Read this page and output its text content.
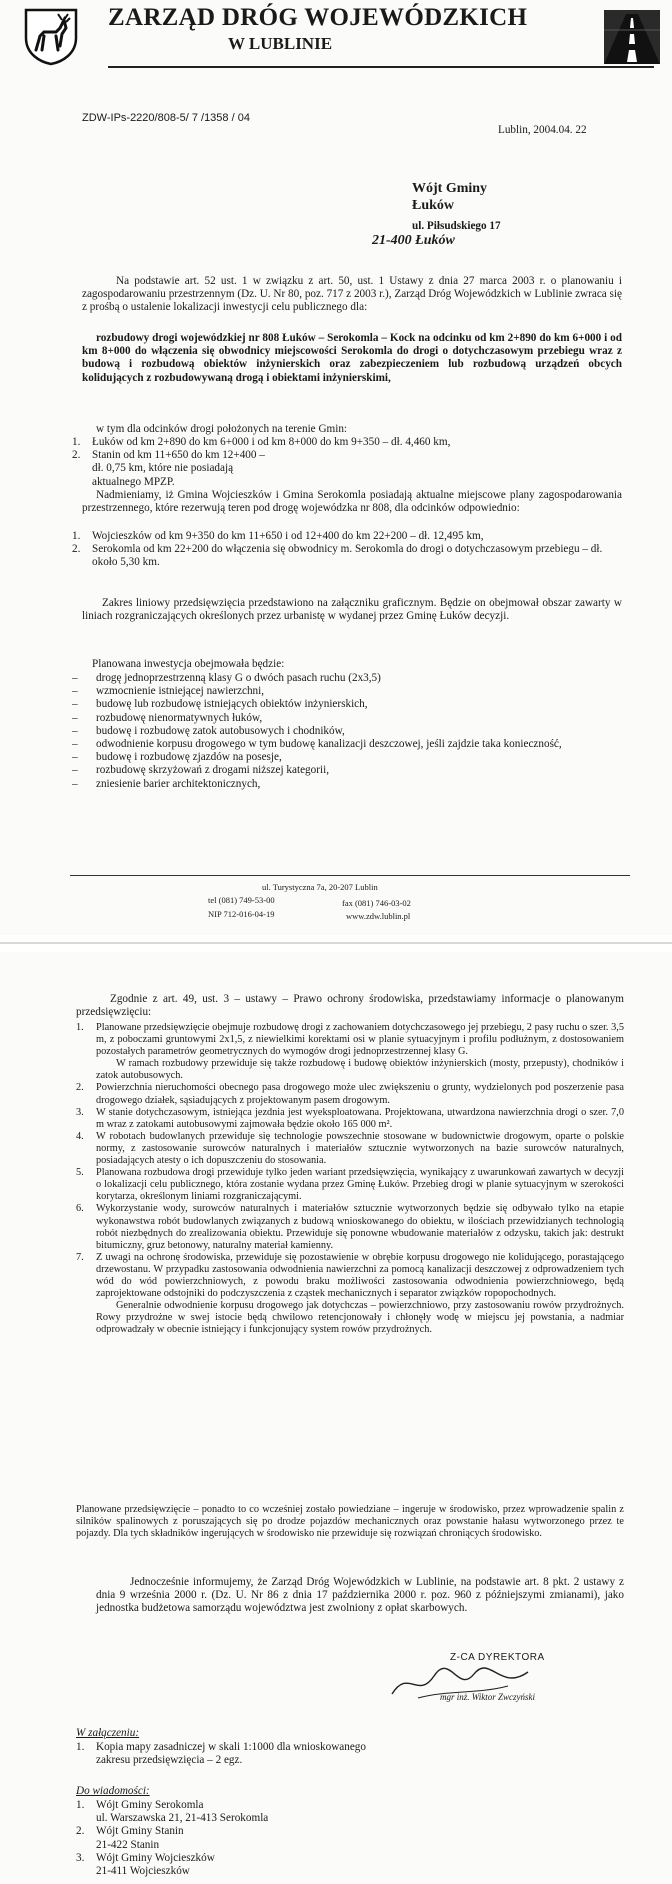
ZARZĄD DRÓG WOJEWÓDZKICH
W LUBLINIE
ZDW-IPs-2220/808-5/ 7 /1358 / 04
Lublin, 2004.04. 22
Wójt Gminy
Łuków
ul. Piłsudskiego 17
21-400 Łuków
Na podstawie art. 52 ust. 1 w związku z art. 50, ust. 1 Ustawy z dnia 27 marca 2003 r. o planowaniu i zagospodarowaniu przestrzennym (Dz. U. Nr 80, poz. 717 z 2003 r.), Zarząd Dróg Wojewódzkich w Lublinie zwraca się z prośbą o ustalenie lokalizacji inwestycji celu publicznego dla:
rozbudowy drogi wojewódzkiej nr 808 Łuków – Serokomla – Kock na odcinku od km 2+890 do km 6+000 i od km 8+000 do włączenia się obwodnicy miejscowości Serokomla do drogi o dotychczasowym przebiegu wraz z budową i rozbudową obiektów inżynierskich oraz zabezpieczeniem lub rozbudową urządzeń obcych kolidujących z rozbudowywaną drogą i obiektami inżynierskimi,
w tym dla odcinków drogi położonych na terenie Gmin:
1. Łuków od km 2+890 do km 6+000 i od km 8+000 do km 9+350 – dł. 4,460 km,
2. Stanin od km 11+650 do km 12+400 – dł. 0,75 km, które nie posiadają aktualnego MPZP.
Nadmieniamy, iż Gmina Wojcieszków i Gmina Serokomla posiadają aktualne miejscowe plany zagospodarowania przestrzennego, które rezerwują teren pod drogę wojewódzka nr 808, dla odcinków odpowiednio:
1. Wojcieszków od km 9+350 do km 11+650 i od 12+400 do km 22+200 – dł. 12,495 km,
2. Serokomla od km 22+200 do włączenia się obwodnicy m. Serokomla do drogi o dotychczasowym przebiegu – dł. około 5,30 km.
Zakres liniowy przedsięwzięcia przedstawiono na załączniku graficznym. Będzie on obejmował obszar zawarty w liniach rozgraniczających określonych przez urbanistę w wydanej przez Gminę Łuków decyzji.
Planowana inwestycja obejmowała będzie:
– drogę jednoprzestrzenną klasy G o dwóch pasach ruchu (2x3,5)
– wzmocnienie istniejącej nawierzchni,
– budowę lub rozbudowę istniejących obiektów inżynierskich,
– rozbudowę nienormatywnych łuków,
– budowę i rozbudowę zatok autobusowych i chodników,
– odwodnienie korpusu drogowego w tym budowę kanalizacji deszczowej, jeśli zajdzie taka konieczność,
– budowę i rozbudowę zjazdów na posesje,
– rozbudowę skrzyżowań z drogami niższej kategorii,
– zniesienie barier architektonicznych,
ul. Turystyczna 7a, 20-207 Lublin
tel (081) 749-53-00	fax (081) 746-03-02
NIP 712-016-04-19	www.zdw.lublin.pl
Zgodnie z art. 49, ust. 3 – ustawy – Prawo ochrony środowiska, przedstawiamy informacje o planowanym przedsięwzięciu:
1. Planowane przedsięwzięcie obejmuje rozbudowę drogi z zachowaniem dotychczasowego jej przebiegu, 2 pasy ruchu o szer. 3,5 m, z poboczami gruntowymi 2x1,5, z niewielkimi korektami osi w planie sytuacyjnym i profilu podłużnym, z dostosowaniem pozostałych parametrów geometrycznych do wymogów drogi jednoprzestrzennej klasy G.
W ramach rozbudowy przewiduje się także rozbudowę i budowę obiektów inżynierskich (mosty, przepusty), chodników i zatok autobusowych.
2. Powierzchnia nieruchomości obecnego pasa drogowego może ulec zwiększeniu o grunty, wydzielonych pod poszerzenie pasa drogowego działek, sąsiadujących z projektowanym pasem drogowym.
3. W stanie dotychczasowym, istniejąca jezdnia jest wyeksploatowana. Projektowana, utwardzona nawierzchnia drogi o szer. 7,0 m wraz z zatokami autobusowymi zajmowała będzie około 165 000 m².
4. W robotach budowlanych przewiduje się technologie powszechnie stosowane w budownictwie drogowym, oparte o polskie normy, z zastosowanie surowców naturalnych i materiałów sztucznie wytworzonych na bazie surowców naturalnych, posiadających atesty o ich dopuszczeniu do stosowania.
5. Planowana rozbudowa drogi przewiduje tylko jeden wariant przedsięwzięcia, wynikający z uwarunkowań zawartych w decyzji o lokalizacji celu publicznego, która zostanie wydana przez Gminę Łuków. Przebieg drogi w planie sytuacyjnym w szerokości korytarza, określonym liniami rozgraniczającymi.
6. Wykorzystanie wody, surowców naturalnych i materiałów sztucznie wytworzonych będzie się odbywało tylko na etapie wykonawstwa robót budowlanych związanych z budową wnioskowanego do obiektu, w ilościach przewidzianych technologią robót niezbędnych do zrealizowania obiektu. Przewiduje się ponowne wbudowanie materiałów z odzysku, takich jak: destrukt bitumiczny, gruz betonowy, naturalny materiał kamienny.
7. Z uwagi na ochronę środowiska, przewiduje się pozostawienie w obrębie korpusu drogowego nie kolidującego, porastającego drzewostanu. W przypadku zastosowania odwodnienia nawierzchni za pomocą kanalizacji deszczowej z odprowadzeniem tych wód do wód powierzchniowych, z powodu braku możliwości zastosowania odwodnienia powierzchniowego, będą zaprojektowane odstojniki do podczyszczenia z cząstek mechanicznych i separator związków ropopochodnych.
Generalnie odwodnienie korpusu drogowego jak dotychczas – powierzchniowo, przy zastosowaniu rowów przydrożnych. Rowy przydrożne w swej istocie będą chwilowo retencjonowały i chłonęły wodę w miejscu jej powstania, a nadmiar odprowadzały w obecnie istniejący i funkcjonujący system rowów przydrożnych.
Planowane przedsięwzięcie – ponadto to co wcześniej zostało powiedziane – ingeruje w środowisko, przez wprowadzenie spalin z silników spalinowych z poruszających się po drodze pojazdów mechanicznych oraz powstanie hałasu wytworzonego przez te pojazdy. Dla tych składników ingerujących w środowisko nie przewiduje się rozwiązań chroniących środowisko.
Jednocześnie informujemy, że Zarząd Dróg Wojewódzkich w Lublinie, na podstawie art. 8 pkt. 2 ustawy z dnia 9 września 2000 r. (Dz. U. Nr 86 z dnia 17 października 2000 r. poz. 960 z późniejszymi zmianami), jako jednostka budżetowa samorządu województwa jest zwolniony z opłat skarbowych.
Z-CA DYREKTORA
mgr inż. Wiktor Zwczyński
W załączeniu:
1. Kopia mapy zasadniczej w skali 1:1000 dla wnioskowanego zakresu przedsięwzięcia – 2 egz.
Do wiadomości:
1. Wójt Gminy Serokomla
ul. Warszawska 21, 21-413 Serokomla
2. Wójt Gminy Stanin
21-422 Stanin
3. Wójt Gminy Wojcieszków
21-411 Wojcieszków
